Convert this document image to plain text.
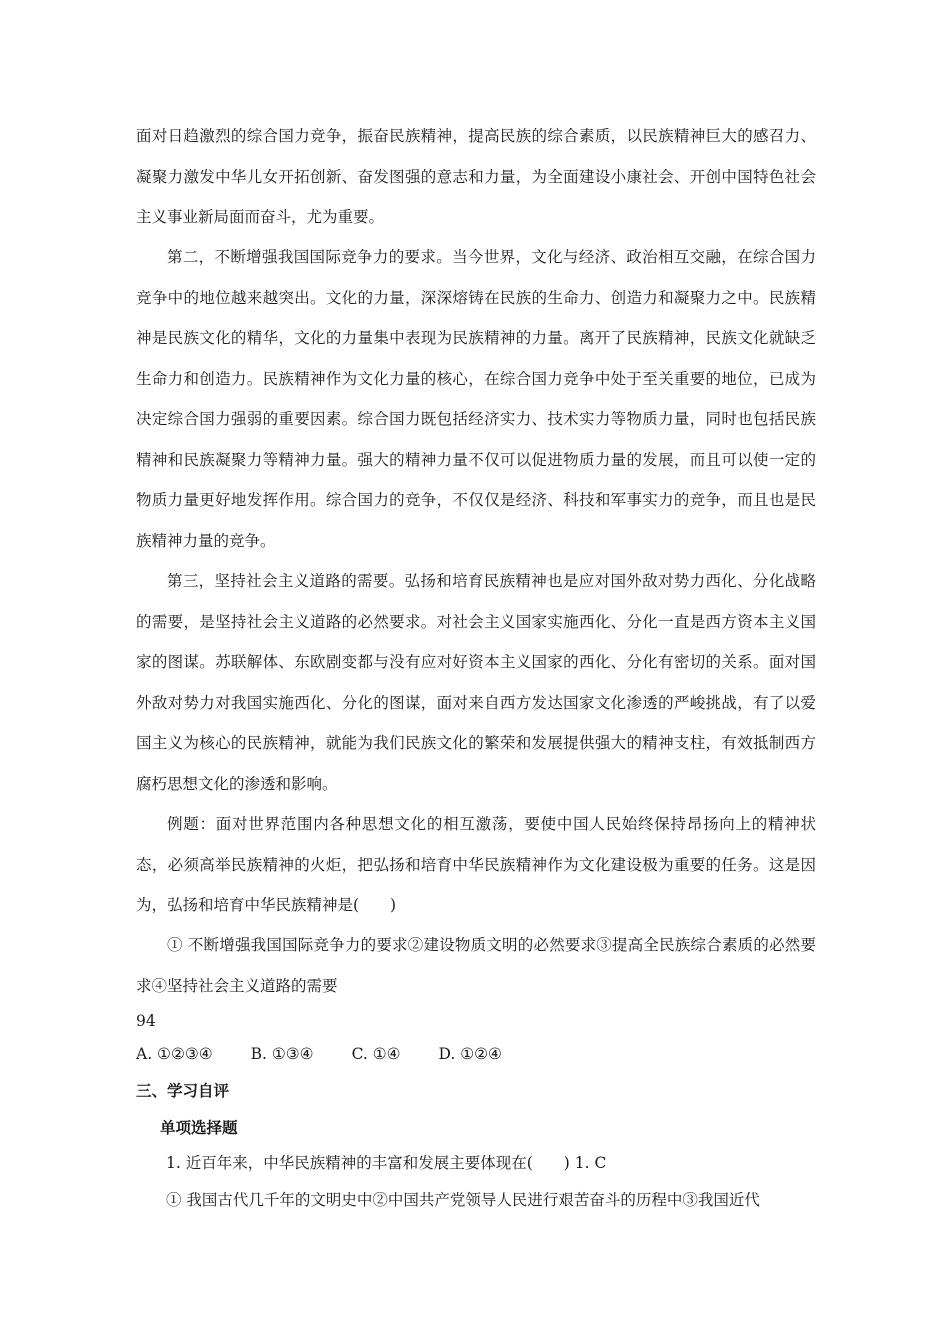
面对日趋激烈的综合国力竞争，振奋民族精神，提高民族的综合素质，以民族精神巨大的感召力、凝聚力激发中华儿女开拓创新、奋发图强的意志和力量，为全面建设小康社会、开创中国特色社会主义事业新局面而奋斗，尤为重要。

第二，不断增强我国国际竞争力的要求。当今世界，文化与经济、政治相互交融，在综合国力竞争中的地位越来越突出。文化的力量，深深熔铸在民族的生命力、创造力和凝聚力之中。民族精神是民族文化的精华，文化的力量集中表现为民族精神的力量。离开了民族精神，民族文化就缺乏生命力和创造力。民族精神作为文化力量的核心，在综合国力竞争中处于至关重要的地位，已成为决定综合国力强弱的重要因素。综合国力既包括经济实力、技术实力等物质力量，同时也包括民族精神和民族凝聚力等精神力量。强大的精神力量不仅可以促进物质力量的发展，而且可以使一定的物质力量更好地发挥作用。综合国力的竞争，不仅仅是经济、科技和军事实力的竞争，而且也是民族精神力量的竞争。

第三，坚持社会主义道路的需要。弘扬和培育民族精神也是应对国外敌对势力西化、分化战略的需要，是坚持社会主义道路的必然要求。对社会主义国家实施西化、分化一直是西方资本主义国家的图谋。苏联解体、东欧剧变都与没有应对好资本主义国家的西化、分化有密切的关系。面对国外敌对势力对我国实施西化、分化的图谋，面对来自西方发达国家文化渗透的严峻挑战，有了以爱国主义为核心的民族精神，就能为我们民族文化的繁荣和发展提供强大的精神支柱，有效抵制西方腐朽思想文化的渗透和影响。

例题：面对世界范围内各种思想文化的相互激荡，要使中国人民始终保持昂扬向上的精神状态，必须高举民族精神的火炬，把弘扬和培育中华民族精神作为文化建设极为重要的任务。这是因为，弘扬和培育中华民族精神是(　　)

① 不断增强我国国际竞争力的要求②建设物质文明的必然要求③提高全民族综合素质的必然要求④坚持社会主义道路的需要

94

A. ①②③④ B. ①③④ C. ①④ D. ①②④

三、学习自评

单项选择题

1. 近百年来，中华民族精神的丰富和发展主要体现在(　　) 1. C

① 我国古代几千年的文明史中②中国共产党领导人民进行艰苦奋斗的历程中③我国近代
